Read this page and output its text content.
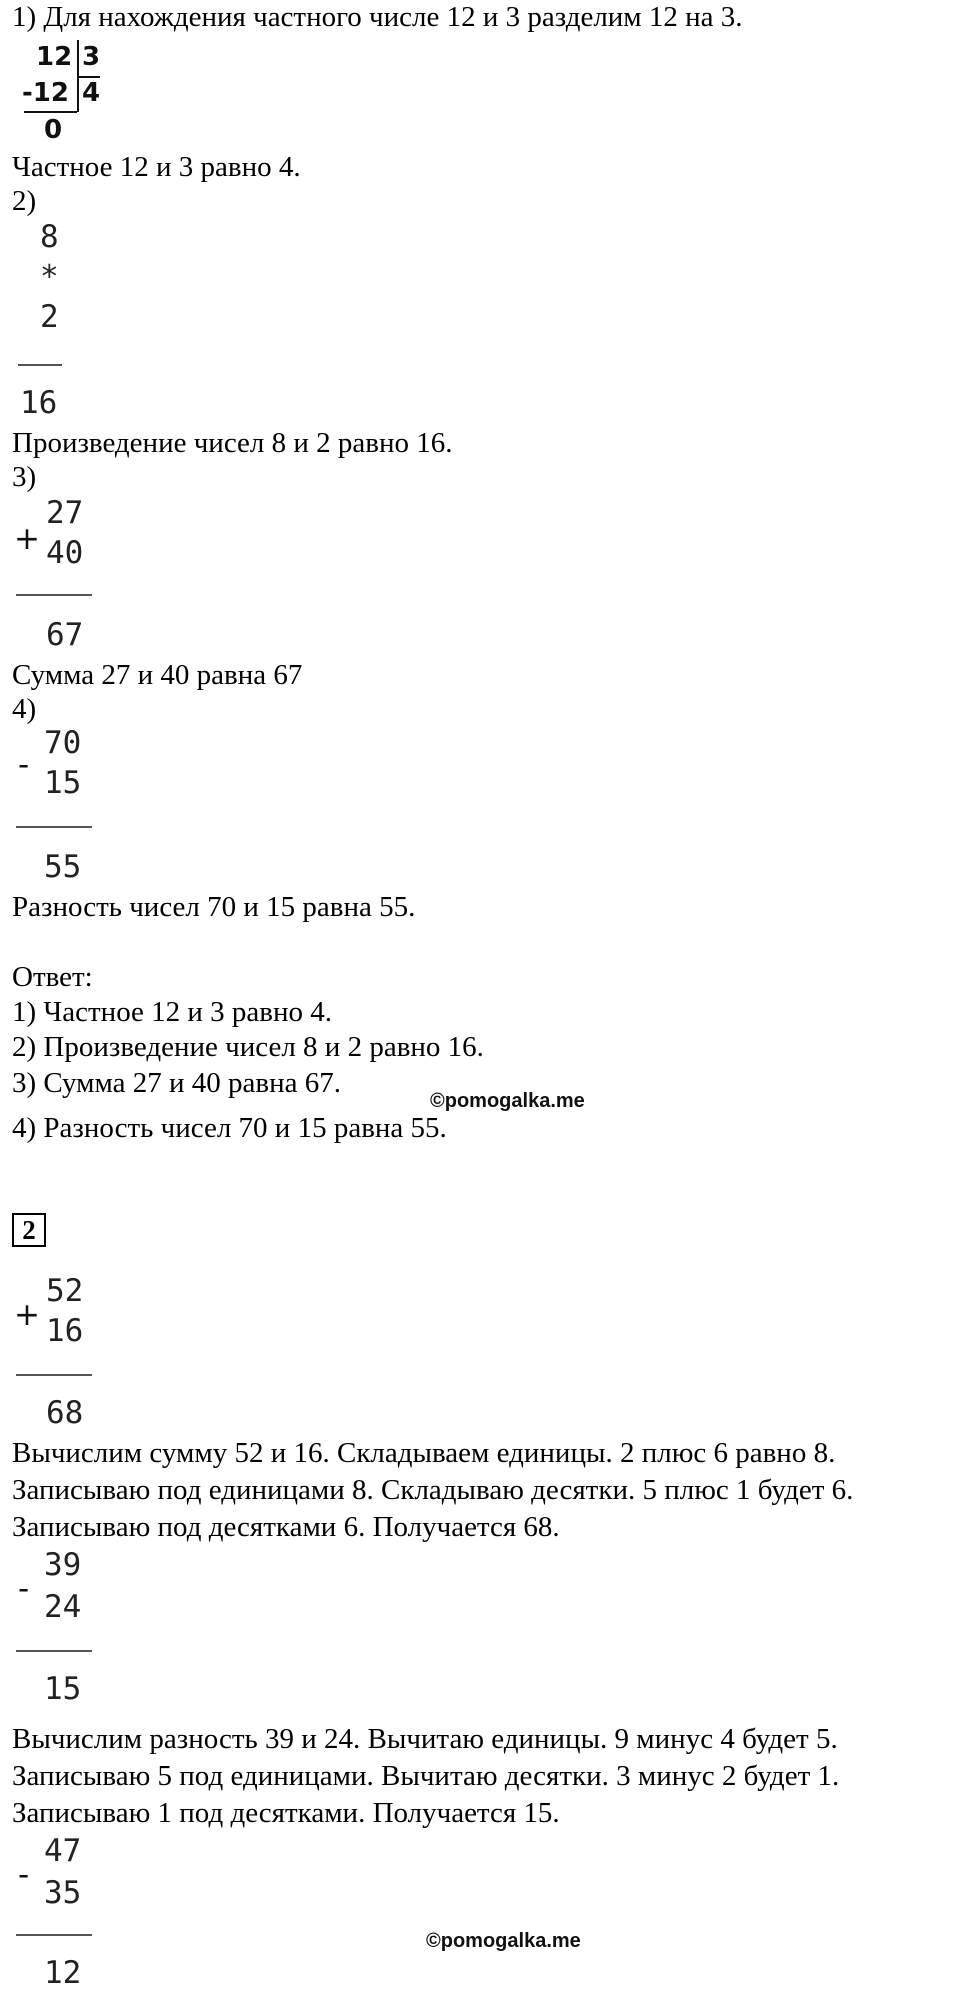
1) Для нахождения частного числе 12 и 3 разделим 12 на 3.
12 3
-12 4
0
Частное 12 и 3 равно 4.
2)
8
*
2
16
Произведение чисел 8 и 2 равно 16.
3)
+
27
40
67
Сумма 27 и 40 равна 67
4)
-
70
15
55
Разность чисел 70 и 15 равна 55.
Ответ:
1) Частное 12 и 3 равно 4.
2) Произведение чисел 8 и 2 равно 16.
3) Сумма 27 и 40 равна 67.
©pomogalka.me
4) Разность чисел 70 и 15 равна 55.
2
+
52
16
68
Вычислим сумму 52 и 16. Складываем единицы. 2 плюс 6 равно 8.
Записываю под единицами 8. Складываю десятки. 5 плюс 1 будет 6.
Записываю под десятками 6. Получается 68.
-
39
24
15
Вычислим разность 39 и 24. Вычитаю единицы. 9 минус 4 будет 5.
Записываю 5 под единицами. Вычитаю десятки. 3 минус 2 будет 1.
Записываю 1 под десятками. Получается 15.
-
47
35
12
©pomogalka.me
